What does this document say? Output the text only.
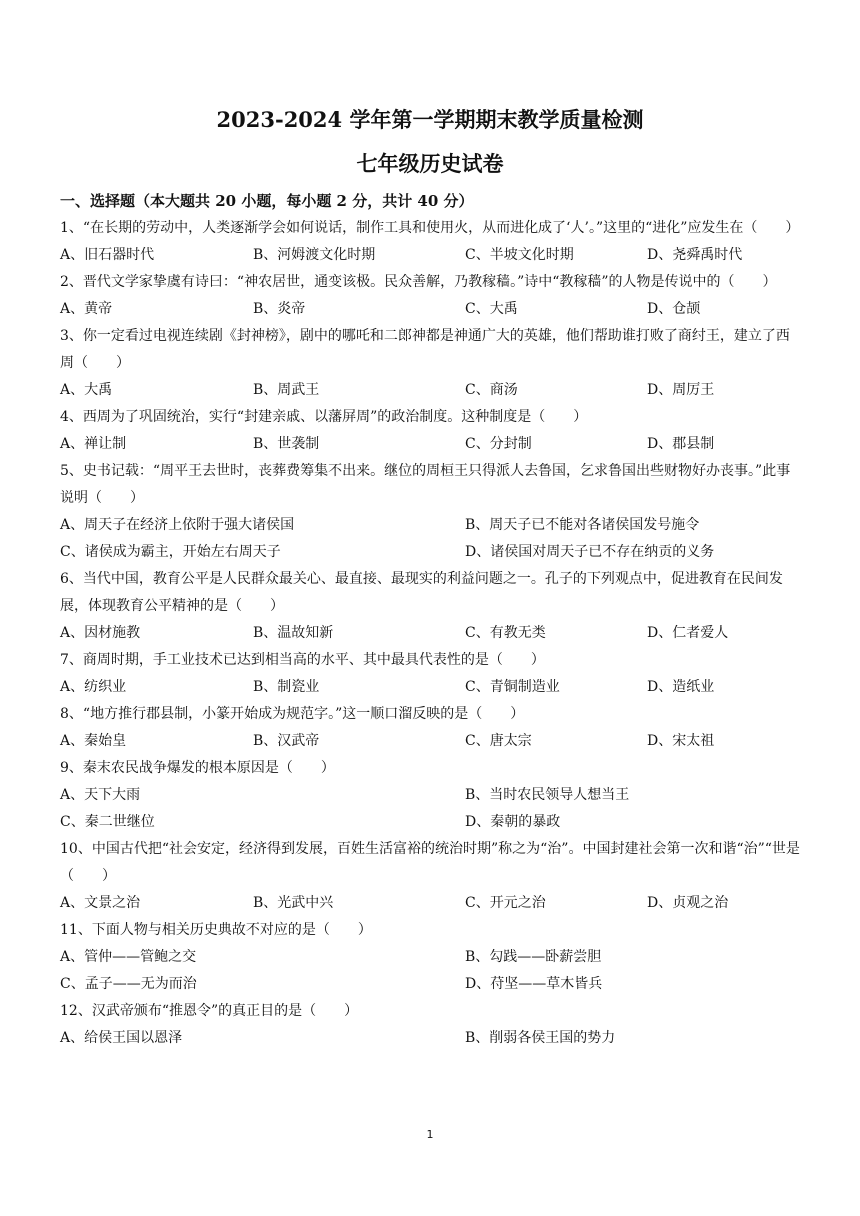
2023-2024 学年第一学期期末教学质量检测
七年级历史试卷
一、选择题（本大题共 20 小题，每小题 2 分，共计 40 分）
1、“在长期的劳动中，人类逐渐学会如何说话，制作工具和使用火，从而进化成了‘人’。”这里的“进化”应发生在（　　）
A、旧石器时代	B、河姆渡文化时期	C、半坡文化时期	D、尧舜禹时代
2、晋代文学家挚虞有诗曰：“神农居世，通变该极。民众善解，乃教稼穑。”诗中“教稼穑”的人物是传说中的（　　）
A、黄帝	B、炎帝	C、大禹	D、仓颉
3、你一定看过电视连续剧《封神榜》，剧中的哪吒和二郎神都是神通广大的英雄，他们帮助谁打败了商纣王，建立了西周（　　）
A、大禹	B、周武王	C、商汤	D、周厉王
4、西周为了巩固统治，实行“封建亲戚、以藩屏周”的政治制度。这种制度是（　　）
A、禅让制	B、世袭制	C、分封制	D、郡县制
5、史书记载：“周平王去世时，丧葬费筹集不出来。继位的周桓王只得派人去鲁国，乞求鲁国出些财物好办丧事。”此事说明（　　）
A、周天子在经济上依附于强大诸侯国	B、周天子已不能对各诸侯国发号施令
C、诸侯成为霸主，开始左右周天子	D、诸侯国对周天子已不存在纳贡的义务
6、当代中国，教育公平是人民群众最关心、最直接、最现实的利益问题之一。孔子的下列观点中，促进教育在民间发展，体现教育公平精神的是（　　）
A、因材施教	B、温故知新	C、有教无类	D、仁者爱人
7、商周时期，手工业技术已达到相当高的水平、其中最具代表性的是（　　）
A、纺织业	B、制瓷业	C、青铜制造业	D、造纸业
8、“地方推行郡县制，小篆开始成为规范字。”这一顺口溜反映的是（　　）
A、秦始皇	B、汉武帝	C、唐太宗	D、宋太祖
9、秦末农民战争爆发的根本原因是（　　）
A、天下大雨	B、当时农民领导人想当王
C、秦二世继位	D、秦朝的暴政
10、中国古代把“社会安定，经济得到发展，百姓生活富裕的统治时期”称之为“治”。中国封建社会第一次和谐“治”“世是（　　）
A、文景之治	B、光武中兴	C、开元之治	D、贞观之治
11、下面人物与相关历史典故不对应的是（　　）
A、管仲——管鲍之交	B、勾践——卧薪尝胆
C、孟子——无为而治	D、苻坚——草木皆兵
12、汉武帝颁布“推恩令”的真正目的是（　　）
A、给侯王国以恩泽	B、削弱各侯王国的势力
1
